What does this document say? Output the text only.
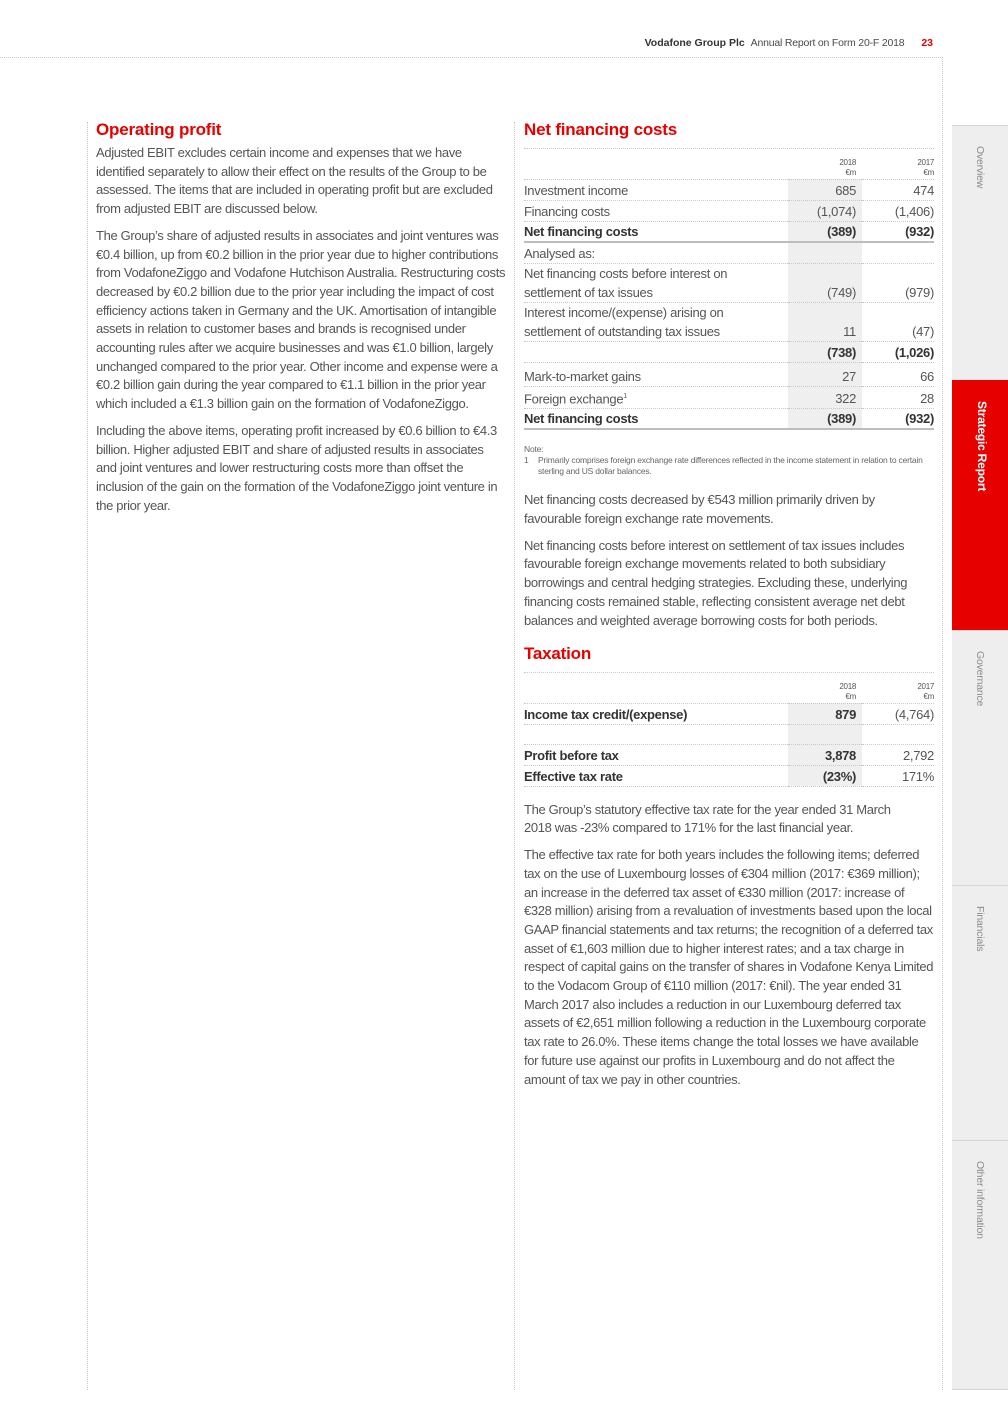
Vodafone Group Plc Annual Report on Form 20-F 2018 23
Operating profit

Adjusted EBIT excludes certain income and expenses that we have identified separately to allow their effect on the results of the Group to be assessed. The items that are included in operating profit but are excluded from adjusted EBIT are discussed below.

The Group’s share of adjusted results in associates and joint ventures was €0.4 billion, up from €0.2 billion in the prior year due to higher contributions from VodafoneZiggo and Vodafone Hutchison Australia. Restructuring costs decreased by €0.2 billion due to the prior year including the impact of cost efficiency actions taken in Germany and the UK. Amortisation of intangible assets in relation to customer bases and brands is recognised under accounting rules after we acquire businesses and was €1.0 billion, largely unchanged compared to the prior year. Other income and expense were a €0.2 billion gain during the year compared to €1.1 billion in the prior year which included a €1.3 billion gain on the formation of VodafoneZiggo.

Including the above items, operating profit increased by €0.6 billion to €4.3 billion. Higher adjusted EBIT and share of adjusted results in associates and joint ventures and lower restructuring costs more than offset the inclusion of the gain on the formation of the VodafoneZiggo joint venture in the prior year.

Net financing costs
	2018
€m	2017
€m
Investment income	685	474
Financing costs	(1,074)	(1,406)
Net financing costs	(389)	(932)
Analysed as:		
Net financing costs before interest on settlement of tax issues	(749)	(979)
Interest income/(expense) arising on settlement of outstanding tax issues	11	(47)
	(738)	(1,026)
Mark-to-market gains	27	66
Foreign exchange$^1$	322	28
Net financing costs	(389)	(932)
Note:
1	Primarily comprises foreign exchange rate differences reflected in the income statement in relation to certain sterling and US dollar balances.

Net financing costs decreased by €543 million primarily driven by favourable foreign exchange rate movements.

Net financing costs before interest on settlement of tax issues includes favourable foreign exchange movements related to both subsidiary borrowings and central hedging strategies. Excluding these, underlying financing costs remained stable, reflecting consistent average net debt balances and weighted average borrowing costs for both periods.

Taxation
	2018
€m	2017
€m
Income tax credit/(expense)	879	(4,764)

Profit before tax	3,878	2,792
Effective tax rate	(23%)	171%

The Group’s statutory effective tax rate for the year ended 31 March 2018 was -23% compared to 171% for the last financial year.

The effective tax rate for both years includes the following items; deferred tax on the use of Luxembourg losses of €304 million (2017: €369 million); an increase in the deferred tax asset of €330 million (2017: increase of €328 million) arising from a revaluation of investments based upon the local GAAP financial statements and tax returns; the recognition of a deferred tax asset of €1,603 million due to higher interest rates; and a tax charge in respect of capital gains on the transfer of shares in Vodafone Kenya Limited to the Vodacom Group of €110 million (2017: €nil). The year ended 31 March 2017 also includes a reduction in our Luxembourg deferred tax assets of €2,651 million following a reduction in the Luxembourg corporate tax rate to 26.0%. These items change the total losses we have available for future use against our profits in Luxembourg and do not affect the amount of tax we pay in other countries.

Overview
Strategic Report
Governance
Financials
Other information
